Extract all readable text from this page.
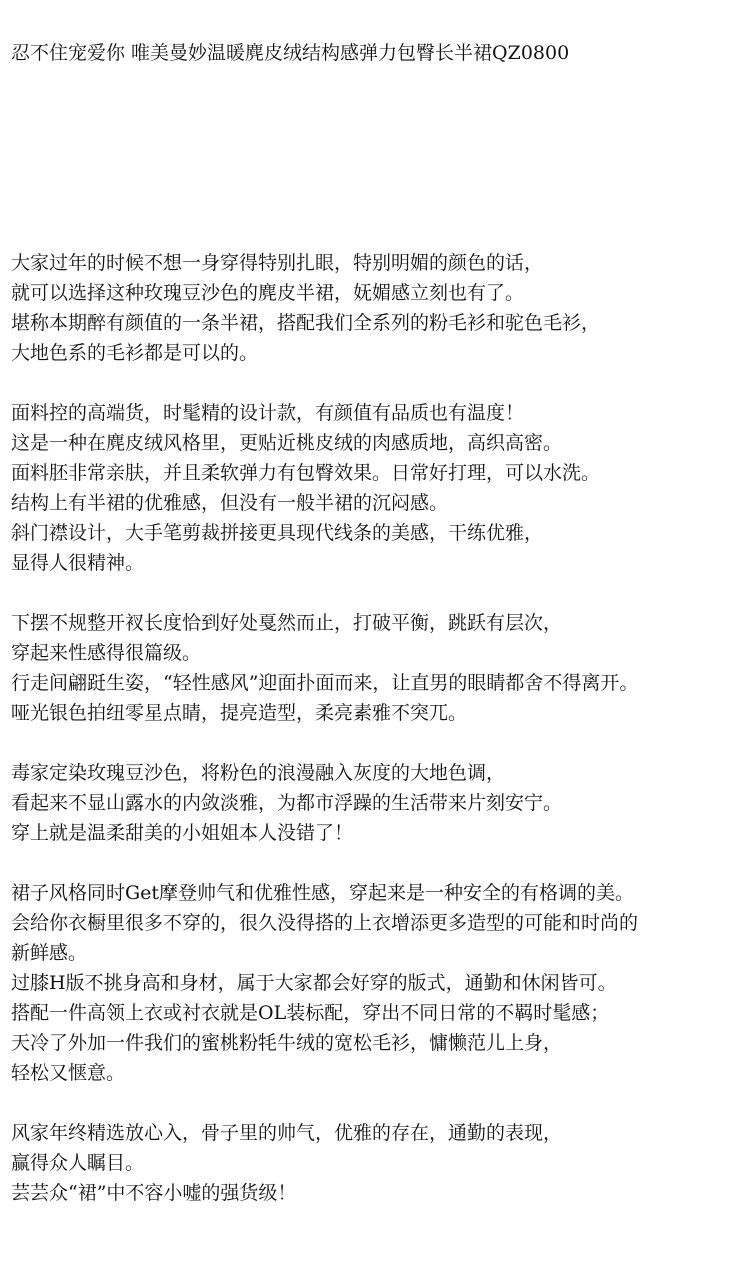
忍不住宠爱你 唯美曼妙温暖麂皮绒结构感弹力包臀长半裙QZ0800
大家过年的时候不想一身穿得特别扎眼，特别明媚的颜色的话，
就可以选择这种玫瑰豆沙色的麂皮半裙，妩媚感立刻也有了。
堪称本期醉有颜值的一条半裙，搭配我们全系列的粉毛衫和驼色毛衫，
大地色系的毛衫都是可以的。
面料控的高端货，时髦精的设计款，有颜值有品质也有温度！
这是一种在麂皮绒风格里，更贴近桃皮绒的肉感质地，高织高密。
面料胚非常亲肤，并且柔软弹力有包臀效果。日常好打理，可以水洗。
结构上有半裙的优雅感，但没有一般半裙的沉闷感。
斜门襟设计，大手笔剪裁拼接更具现代线条的美感，干练优雅，
显得人很精神。
下摆不规整开衩长度恰到好处戛然而止，打破平衡，跳跃有层次，
穿起来性感得很篇级。
行走间翩跹生姿，“轻性感风”迎面扑面而来，让直男的眼睛都舍不得离开。
哑光银色拍纽零星点睛，提亮造型，柔亮素雅不突兀。
毒家定染玫瑰豆沙色，将粉色的浪漫融入灰度的大地色调，
看起来不显山露水的内敛淡雅，为都市浮躁的生活带来片刻安宁。
穿上就是温柔甜美的小姐姐本人没错了！
裙子风格同时Get摩登帅气和优雅性感，穿起来是一种安全的有格调的美。
会给你衣橱里很多不穿的，很久没得搭的上衣增添更多造型的可能和时尚的
新鲜感。
过膝H版不挑身高和身材，属于大家都会好穿的版式，通勤和休闲皆可。
搭配一件高领上衣或衬衣就是OL装标配，穿出不同日常的不羁时髦感；
天冷了外加一件我们的蜜桃粉牦牛绒的宽松毛衫，慵懒范儿上身，
轻松又惬意。
风家年终精选放心入，骨子里的帅气，优雅的存在，通勤的表现，
赢得众人瞩目。
芸芸众“裙”中不容小嘘的强货级！
